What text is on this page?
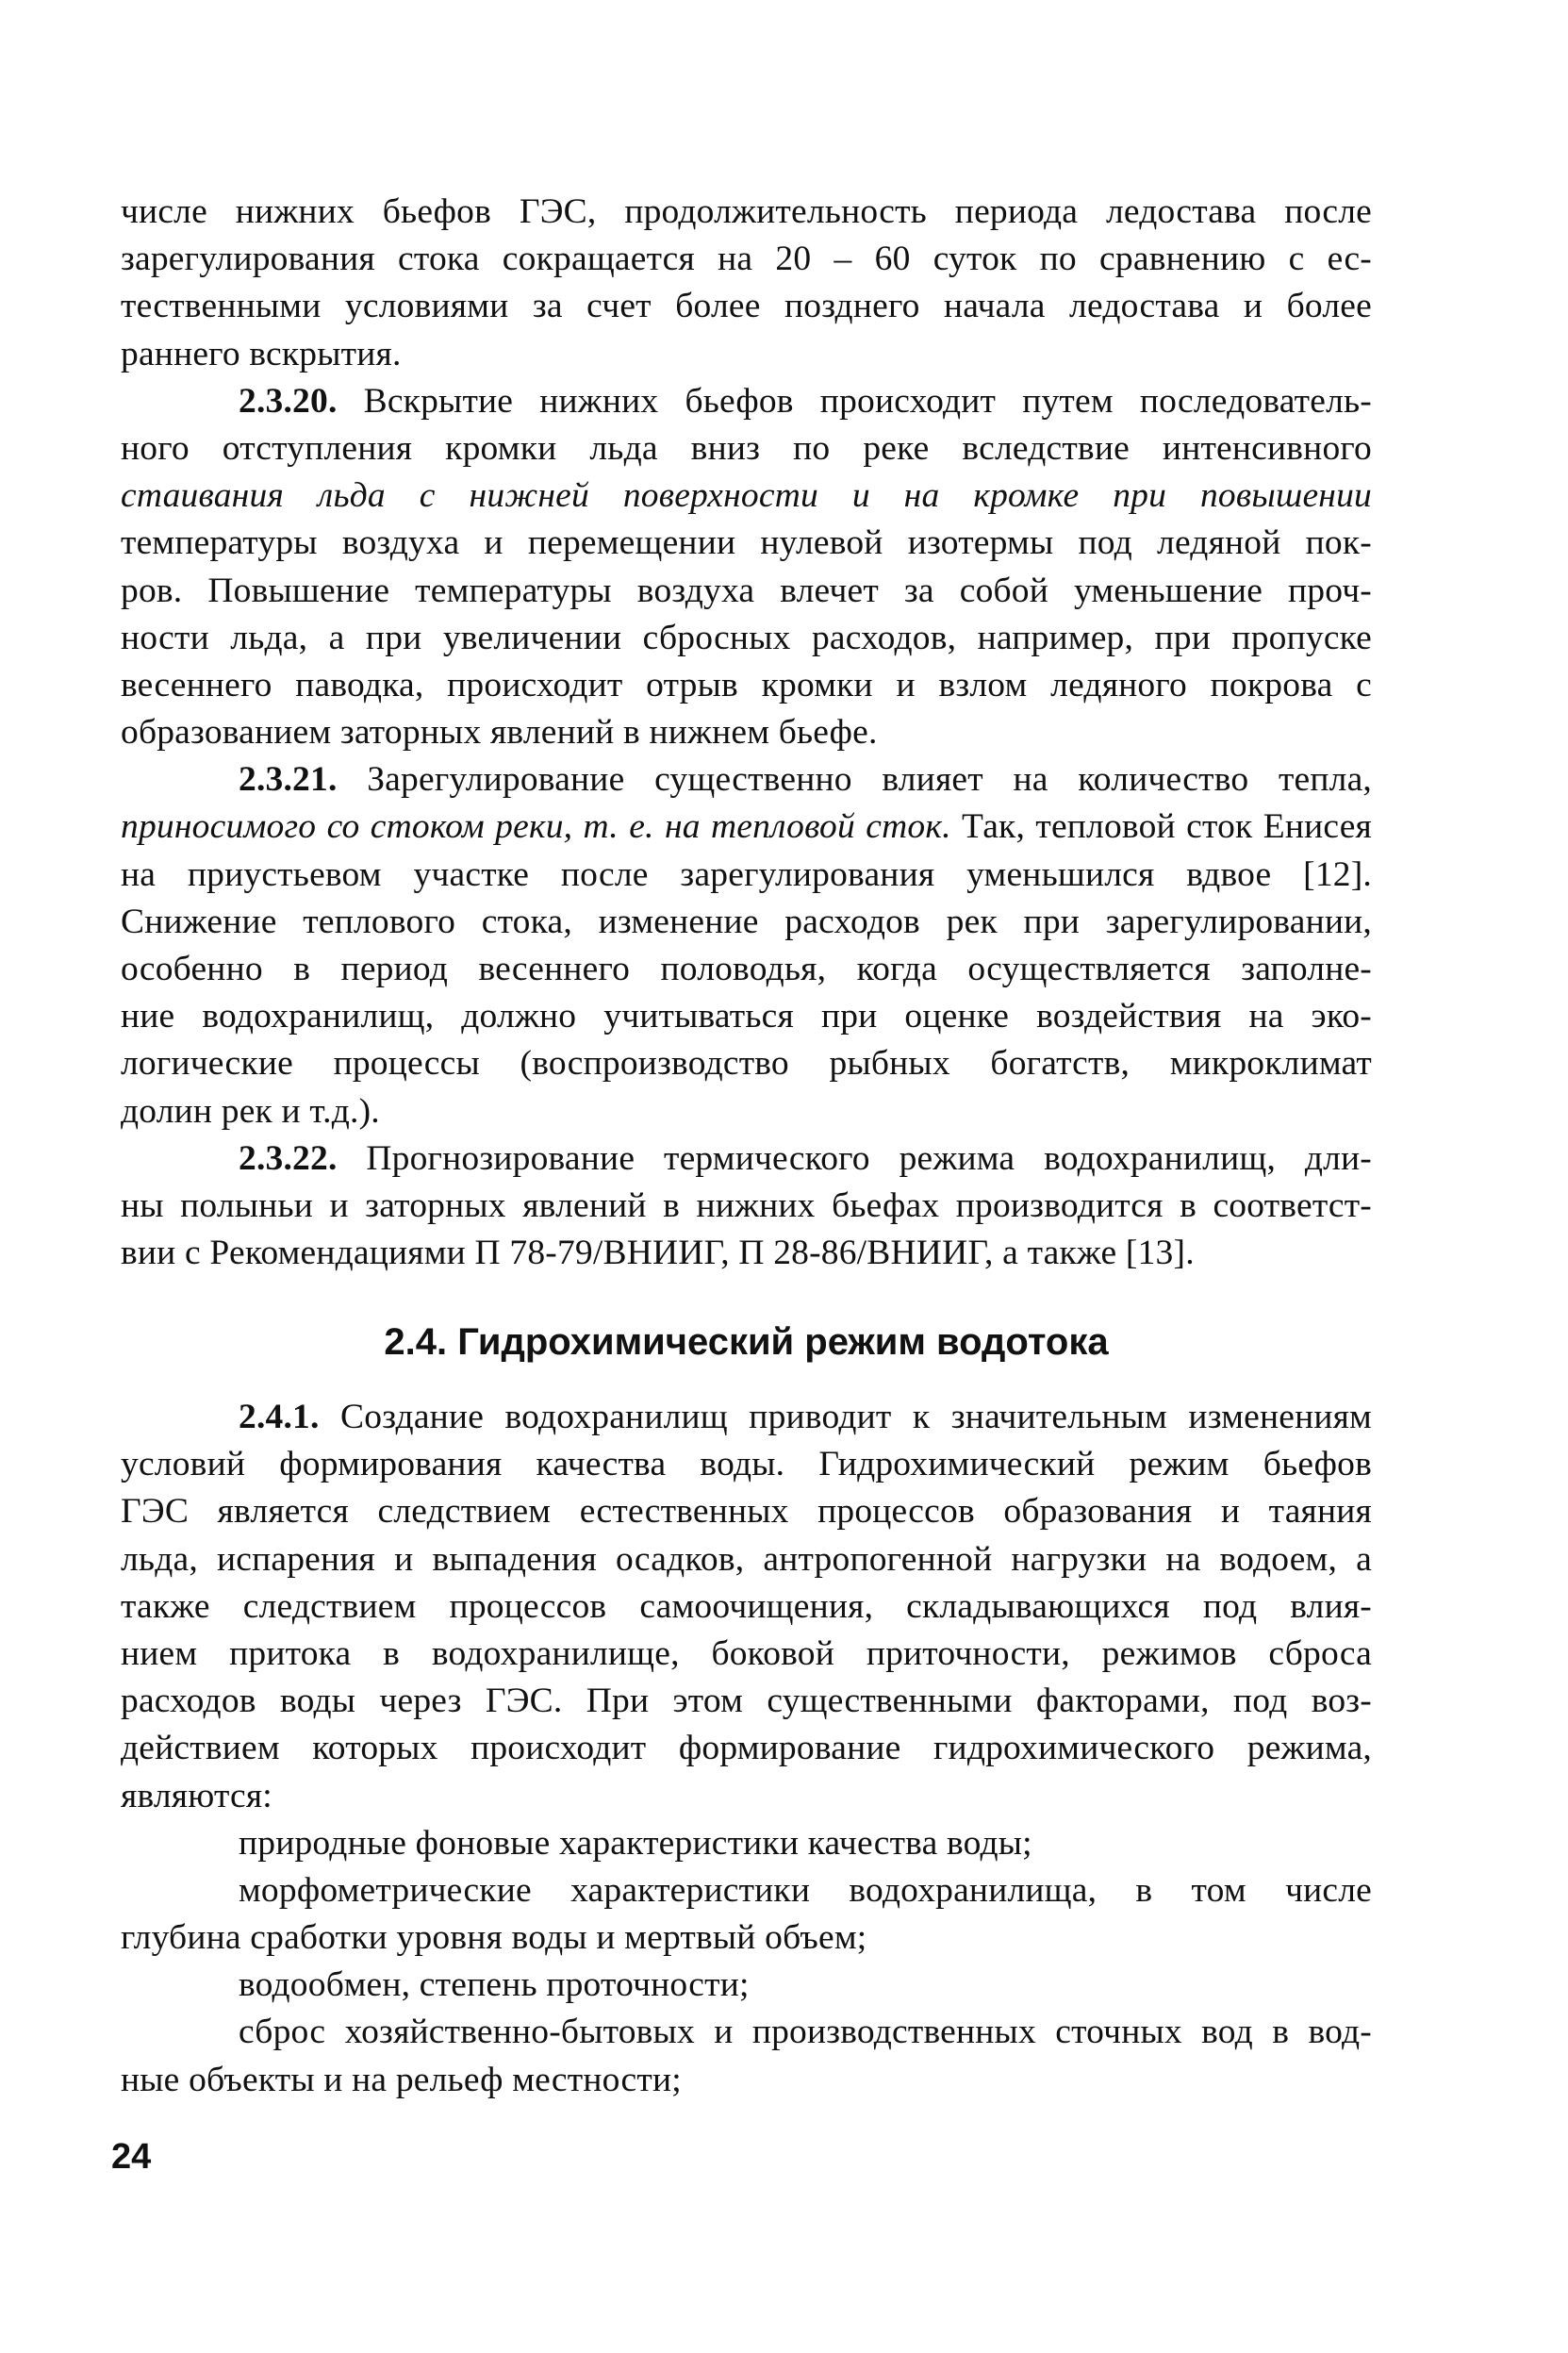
числе нижних бьефов ГЭС, продолжительность периода ледостава после
зарегулирования стока сокращается на 20 – 60 суток по сравнению с ес-
тественными условиями за счет более позднего начала ледостава и более
раннего вскрытия.
2.3.20. Вскрытие нижних бьефов происходит путем последователь-
ного отступления кромки льда вниз по реке вследствие интенсивного
стаивания льда с нижней поверхности и на кромке при повышении
температуры воздуха и перемещении нулевой изотермы под ледяной пок-
ров. Повышение температуры воздуха влечет за собой уменьшение проч-
ности льда, а при увеличении сбросных расходов, например, при пропуске
весеннего паводка, происходит отрыв кромки и взлом ледяного покрова с
образованием заторных явлений в нижнем бьефе.
2.3.21. Зарегулирование существенно влияет на количество тепла,
приносимого со стоком реки, т. е. на тепловой сток. Так, тепловой сток Енисея
на приустьевом участке после зарегулирования уменьшился вдвое [12].
Снижение теплового стока, изменение расходов рек при зарегулировании,
особенно в период весеннего половодья, когда осуществляется заполне-
ние водохранилищ, должно учитываться при оценке воздействия на эко-
логические процессы (воспроизводство рыбных богатств, микроклимат
долин рек и т.д.).
2.3.22. Прогнозирование термического режима водохранилищ, дли-
ны полыньи и заторных явлений в нижних бьефах производится в соответст-
вии с Рекомендациями П 78-79/ВНИИГ, П 28-86/ВНИИГ, а также [13].
2.4. Гидрохимический режим водотока
2.4.1. Создание водохранилищ приводит к значительным изменениям
условий формирования качества воды. Гидрохимический режим бьефов
ГЭС является следствием естественных процессов образования и таяния
льда, испарения и выпадения осадков, антропогенной нагрузки на водоем, а
также следствием процессов самоочищения, складывающихся под влия-
нием притока в водохранилище, боковой приточности, режимов сброса
расходов воды через ГЭС. При этом существенными факторами, под воз-
действием которых происходит формирование гидрохимического режима,
являются:
природные фоновые характеристики качества воды;
морфометрические характеристики водохранилища, в том числе
глубина сработки уровня воды и мертвый объем;
водообмен, степень проточности;
сброс хозяйственно-бытовых и производственных сточных вод в вод-
ные объекты и на рельеф местности;
24
